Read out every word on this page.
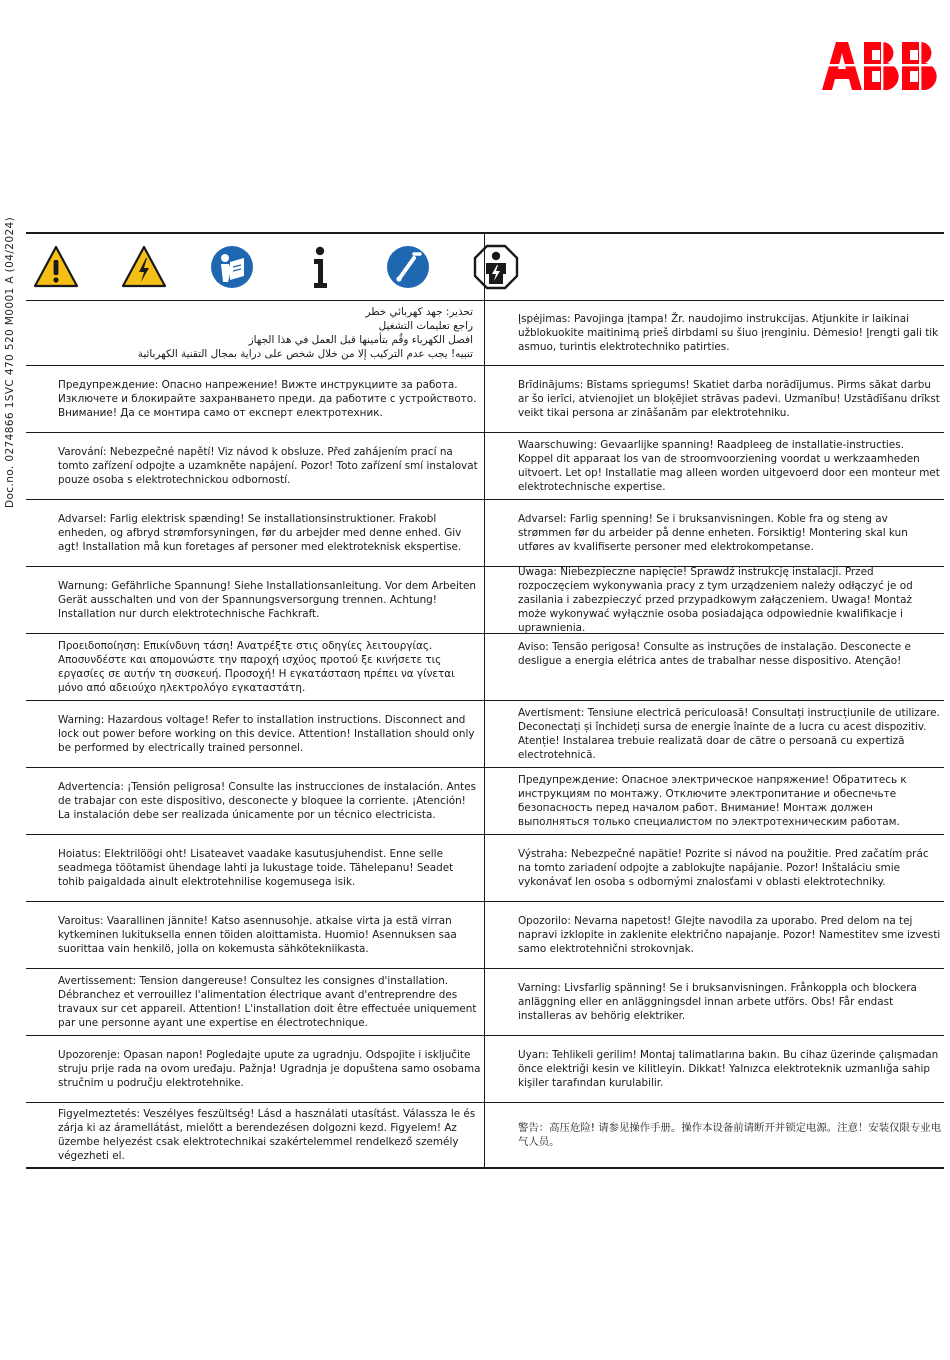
Doc.no. 0274866 1SVC 470 520 M0001 A (04/2024)	تحذير: جهد كهربائي خطر
راجع تعليمات التشغيل
افصل الكهرباء وقُم بتأمينها قبل العمل في هذا الجهاز
تنبيه! يجب عدم التركيب إلا من خلال شخص على دراية بمجال التقنية الكهربائية
Įspėjimas: Pavojinga įtampa! Žr. naudojimo instrukcijas. Atjunkite ir laikinai užblokuokite maitinimą prieš dirbdami su šiuo įrenginiu. Dėmesio! Įrengti gali tik asmuo, turintis elektrotechniko patirties.
Предупреждение: Опасно напрежение! Вижте инструкциите за работа. Изключете и блокирайте захранването преди. да работите с устройството. Внимание! Да се монтира само от експерт електротехник.
Brīdinājums: Bīstams spriegums! Skatiet darba norādījumus. Pirms sākat darbu ar šo ierīci, atvienojiet un bloķējiet strāvas padevi. Uzmanību! Uzstādīšanu drīkst veikt tikai persona ar zināšanām par elektrotehniku.
Varování: Nebezpečné napětí! Viz návod k obsluze. Před zahájením prací na tomto zařízení odpojte a uzamkněte napájení. Pozor! Toto zařízení smí instalovat pouze osoba s elektrotechnickou odborností.
Waarschuwing: Gevaarlijke spanning! Raadpleeg de installatie-instructies. Koppel dit apparaat los van de stroomvoorziening voordat u werkzaamheden uitvoert. Let op! Installatie mag alleen worden uitgevoerd door een monteur met elektrotechnische expertise.
Advarsel: Farlig elektrisk spænding! Se installationsinstruktioner. Frakobl enheden, og afbryd strømforsyningen, før du arbejder med denne enhed. Giv agt! Installation må kun foretages af personer med elektroteknisk ekspertise.
Advarsel: Farlig spenning! Se i bruksanvisningen. Koble fra og steng av strømmen før du arbeider på denne enheten. Forsiktig! Montering skal kun utføres av kvalifiserte personer med elektrokompetanse.
Warnung: Gefährliche Spannung! Siehe Installationsanleitung. Vor dem Arbeiten Gerät ausschalten und von der Spannungsversorgung trennen. Achtung! Installation nur durch elektrotechnische Fachkraft.
Uwaga: Niebezpieczne napięcie! Sprawdź instrukcję instalacji. Przed rozpoczęciem wykonywania pracy z tym urządzeniem należy odłączyć je od zasilania i zabezpieczyć przed przypadkowym załączeniem. Uwaga! Montaż może wykonywać wyłącznie osoba posiadająca odpowiednie kwalifikacje i uprawnienia.
Προειδοποίηση: Επικίνδυνη τάση! Ανατρέξτε στις οδηγίες λειτουργίας. Αποσυνδέστε και απομονώστε την παροχή ισχύος προτού ξε κινήσετε τις εργασίες σε αυτήν τη συσκευή. Προσοχή! Η εγκατάσταση πρέπει να γίνεται μόνο από αδειούχο ηλεκτρολόγο εγκαταστάτη.
Aviso: Tensão perigosa! Consulte as instruções de instalação. Desconecte e desligue a energia elétrica antes de trabalhar nesse dispositivo. Atenção!
Warning: Hazardous voltage! Refer to installation instructions. Disconnect and lock out power before working on this device. Attention! Installation should only be performed by electrically trained personnel.
Avertisment: Tensiune electrică periculoasă! Consultați instrucțiunile de utilizare. Deconectați și închideți sursa de energie înainte de a lucra cu acest dispozitiv. Atenție! Instalarea trebuie realizată doar de către o persoană cu expertiză electrotehnică.
Advertencia: ¡Tensión peligrosa! Consulte las instrucciones de instalación. Antes de trabajar con este dispositivo, desconecte y bloquee la corriente. ¡Atención! La instalación debe ser realizada únicamente por un técnico electricista.
Предупреждение: Опасное электрическое напряжение! Обратитесь к инструкциям по монтажу. Отключите электропитание и обеспечьте безопасность перед началом работ. Внимание! Монтаж должен выполняться только специалистом по электротехническим работам.
Hoiatus: Elektrilöögi oht! Lisateavet vaadake kasutusjuhendist. Enne selle seadmega töötamist ühendage lahti ja lukustage toide. Tähelepanu! Seadet tohib paigaldada ainult elektrotehnilise kogemusega isik.
Výstraha: Nebezpečné napätie! Pozrite si návod na použitie. Pred začatím prác na tomto zariadení odpojte a zablokujte napájanie. Pozor! Inštaláciu smie vykonávať len osoba s odbornými znalosťami v oblasti elektrotechniky.
Varoitus: Vaarallinen jännite! Katso asennusohje. atkaise virta ja estä virran kytkeminen lukituksella ennen töiden aloittamista. Huomio! Asennuksen saa suorittaa vain henkilö, jolla on kokemusta sähkötekniikasta.
Opozorilo: Nevarna napetost! Glejte navodila za uporabo. Pred delom na tej napravi izklopite in zaklenite električno napajanje. Pozor! Namestitev sme izvesti samo elektrotehnični strokovnjak.
Avertissement: Tension dangereuse! Consultez les consignes d'installation. Débranchez et verrouillez l'alimentation électrique avant d'entreprendre des travaux sur cet appareil. Attention! L'installation doit être effectuée uniquement par une personne ayant une expertise en électrotechnique.
Varning: Livsfarlig spänning! Se i bruksanvisningen. Frånkoppla och blockera anläggning eller en anläggningsdel innan arbete utförs. Obs! Får endast installeras av behörig elektriker.
Upozorenje: Opasan napon! Pogledajte upute za ugradnju. Odspojite i isključite struju prije rada na ovom uređaju. Pažnja! Ugradnja je dopuštena samo osobama stručnim u području elektrotehnike.
Uyarı: Tehlikeli gerilim! Montaj talimatlarına bakın. Bu cihaz üzerinde çalışmadan önce elektriği kesin ve kilitleyin. Dikkat! Yalnızca elektroteknik uzmanlığa sahip kişiler tarafından kurulabilir.
Figyelmeztetés: Veszélyes feszültség! Lásd a használati utasítást. Válassza le és zárja ki az áramellátást, mielőtt a berendezésen dolgozni kezd. Figyelem! Az üzembe helyezést csak elektrotechnikai szakértelemmel rendelkező személy végezheti el.
警告：高压危险! 请参见操作手册。操作本设备前请断开并锁定电源。注意！安装仅限专业电气人员。
